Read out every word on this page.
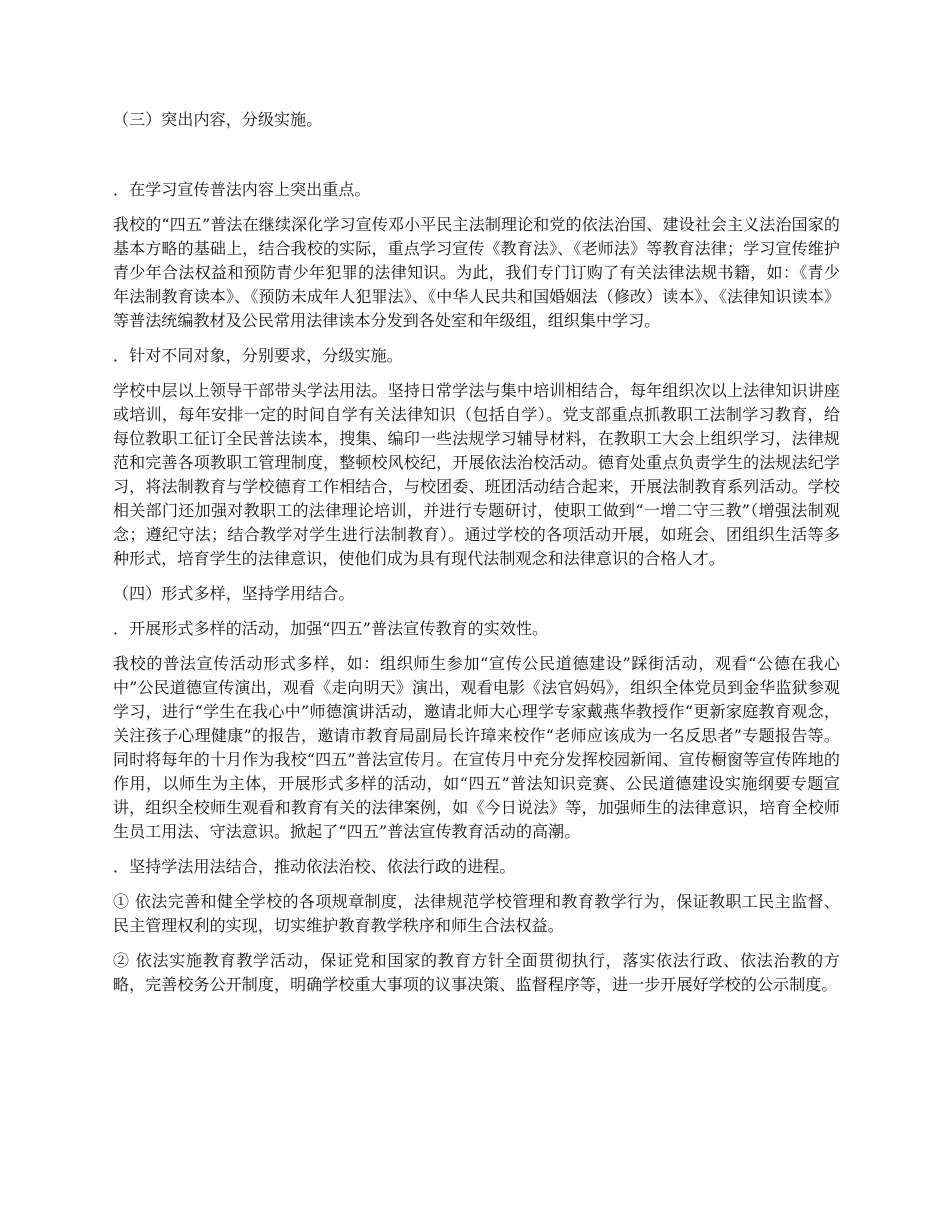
（三）突出内容，分级实施。

．在学习宣传普法内容上突出重点。

我校的“四五”普法在继续深化学习宣传邓小平民主法制理论和党的依法治国、建设社会主义法治国家的基本方略的基础上，结合我校的实际，重点学习宣传《教育法》、《老师法》等教育法律；学习宣传维护青少年合法权益和预防青少年犯罪的法律知识。为此，我们专门订购了有关法律法规书籍，如：《青少年法制教育读本》、《预防未成年人犯罪法》、《中华人民共和国婚姻法（修改）读本》、《法律知识读本》等普法统编教材及公民常用法律读本分发到各处室和年级组，组织集中学习。

．针对不同对象，分别要求，分级实施。

学校中层以上领导干部带头学法用法。坚持日常学法与集中培训相结合，每年组织次以上法律知识讲座或培训，每年安排一定的时间自学有关法律知识（包括自学）。党支部重点抓教职工法制学习教育，给每位教职工征订全民普法读本，搜集、编印一些法规学习辅导材料，在教职工大会上组织学习，法律规范和完善各项教职工管理制度，整顿校风校纪，开展依法治校活动。德育处重点负责学生的法规法纪学习，将法制教育与学校德育工作相结合，与校团委、班团活动结合起来，开展法制教育系列活动。学校相关部门还加强对教职工的法律理论培训，并进行专题研讨，使职工做到“一增二守三教”（增强法制观念；遵纪守法；结合教学对学生进行法制教育）。通过学校的各项活动开展，如班会、团组织生活等多种形式，培育学生的法律意识，使他们成为具有现代法制观念和法律意识的合格人才。

（四）形式多样，坚持学用结合。

．开展形式多样的活动，加强“四五”普法宣传教育的实效性。

我校的普法宣传活动形式多样，如：组织师生参加“宣传公民道德建设”踩街活动，观看“公德在我心中”公民道德宣传演出，观看《走向明天》演出，观看电影《法官妈妈》，组织全体党员到金华监狱参观学习，进行“学生在我心中”师德演讲活动，邀请北师大心理学专家戴燕华教授作“更新家庭教育观念，关注孩子心理健康”的报告，邀请市教育局副局长许璋来校作“老师应该成为一名反思者”专题报告等。同时将每年的十月作为我校“四五”普法宣传月。在宣传月中充分发挥校园新闻、宣传橱窗等宣传阵地的作用，以师生为主体，开展形式多样的活动，如“四五”普法知识竞赛、公民道德建设实施纲要专题宣讲，组织全校师生观看和教育有关的法律案例，如《今日说法》等，加强师生的法律意识，培育全校师生员工用法、守法意识。掀起了“四五”普法宣传教育活动的高潮。

．坚持学法用法结合，推动依法治校、依法行政的进程。

① 依法完善和健全学校的各项规章制度，法律规范学校管理和教育教学行为，保证教职工民主监督、民主管理权利的实现，切实维护教育教学秩序和师生合法权益。

② 依法实施教育教学活动，保证党和国家的教育方针全面贯彻执行，落实依法行政、依法治教的方略，完善校务公开制度，明确学校重大事项的议事决策、监督程序等，进一步开展好学校的公示制度。
